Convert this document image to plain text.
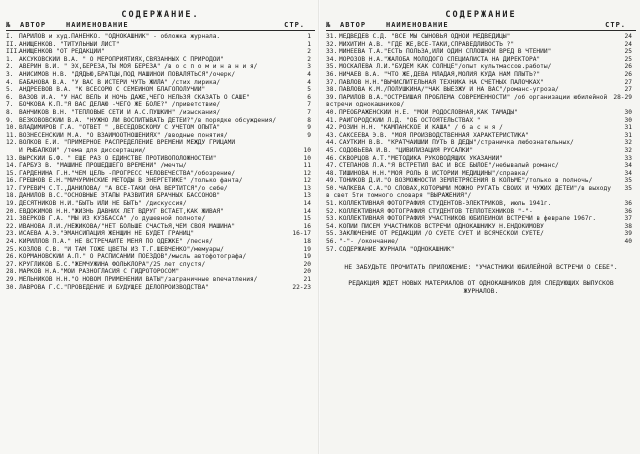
СОДЕРЖАНИЕ.
№ АВТОР	НАИМЕНОВАНИЕ	СТР.
I. ПАРИЛОВ и худ.ПАНЕНКО. "ОДНОКАШНИК" - обложка журнала.	1
II. АНИЩЕНКОВ. "ТИТУЛЬНЫЙ ЛИСТ"	1
III.АНИЩЕНКОВ "ОТ РЕДАКЦИИ"	2
1. АКСУКОВСКИЙ В.А. " О МЕРОПРИЯТИЯХ,СВЯЗАННЫХ С ПРИРОДОЙ"	2
2. АВЕРИН В.И. " ЭХ,БЕРЕЗА,ТЫ МОЯ БЕРЕЗА" /в о с п о м и н а н и я/	3
3. АНИСИМОВ Н.В. "ДЯДЬЮ,БРАТЦЫ,ПОД МАШИНОЙ ПОВАЛЯТЬСЯ"/очерк/	4
4. БАБАНОВА В.А. "У ВАС В ИСТЕРИ ЧУТЬ ЖИЛА" /стих лирика/	4
5. АНДРЕЕВОВ В.А. "К ВСЕСОРЮ С СЕМЕЙНОМ БЛАГОПОЛУЧИИ"	5
6. ВАЗОВ И.А. "У НАС ВЕЛЬ И НОЧЬ ДАЖЕ,ЧЕГО НЕЛЬЗЯ СКАЗАТЬ О САШЕ"	6
7. БОЧКОВА К.П."Я ВАС ДЕЛАЮ -ЧЕГО ЖЕ БОЛЕ?" /приветствие/	7
8. ВАНЧИКОВ В.Н. "ТЕПЛОВЫЕ СЕТИ И А.С.ПУШКИН" /изыскания/	7
9. ВЕЗКОВОВСКИЙ В.А. "НУЖНО ЛИ ВОСПИТЫВАТЬ ДЕТЕЙ?"/в порядке обсуждения/	8
10. ВЛАДИМИРОВ Г.А. "ОТВЕТ " ,ВЕСЕДОВСКОМУ С УЧЕТОМ ОПЫТА"	9
11. ВОЗНЕСЕНСКИЙ М.А. "О ВЗАИМООТНОШЕНИЯХ" /вводные понятия/	9
12. ВОЛКОВ Е.И. "ПРИМЕРНОЕ РАСПРЕДЕЛЕНИЕ ВРЕМЕНИ МЕЖДУ ГРИЦАМИ
И РЫБАЛКОЙ" /тема для диссертации/	10
13. ВЫРСКИЙ Б.Ф. " ЕЩЕ РАЗ О ЕДИНСТВЕ ПРОТИВОПОЛОЖНОСТЕЙ"	10
14. ГАРБУЗ В. "МАШИНЕ ПРОШЕДШЕГО ВРЕМЕНИ" /мечты/	11
15. ГАРДЕНИНА Г.Н."ЧЕМ ЦЕЛЬ -ПРОГРЕСС ЧЕЛОВЕЧЕСТВА"/обозрение/	12
16. ГРЕШНОВ Е.Н."МИЧУРИНСКИЕ МЕТОДЫ В ЭНЕРГЕТИКЕ" /только фанта/	12
17. ГУРЕВИЧ С.Т.,ДАНИЛОВА/ "А ВСЕ-ТАКИ ОНА ВЕРТИТСЯ"/о себе/	13
18. ДАНИЛОВ В.С."ОСНОВНЫЕ ЭТАПЫ РАЗВИТИЯ БРАЧНЫХ БАССОНОВ"	13
19. ДЕСЯТНИКОВ Н.И."БЫТЬ ИЛИ НЕ БЫТЬ" /дискуссия/	14
20. ЕВДОКИМОВ Н.Н."ЖИЗНЬ ДАВНИХ ЛЕТ ВДРУГ ВСТАЕТ,КАК ЖИВАЯ"	14
21. ЗВЕРКОВ Г.А. "МЫ ИЗ КУЗБАССА" /о душевной полноте/	15
22. ИВАНОВА Л.И./НЕЖИКОВА/"НЕТ БОЛЬШЕ СЧАСТЬЯ,ЧЕМ СВОЯ МАШИНА"	16
23. ИСАЕВА А.Э."ЭМАНСИПАЦИЯ ЖЕНЩИН НЕ БУДЕТ ГРАНИЦ"	16-17
24. КИРИЛЛОВ П.А." НЕ ВСТРЕЧАЙТЕ МЕНЯ ПО ОДЕЖКЕ" /песня/	18
25. КОЗЛОВ С.В. "И ТАМ ТОЖЕ ЦВЕТЫ ИЗ Т.Г.ШЕВЧЕНКО"/мемуары/	19
26. КОРМАНОВСКИЙ А.П." О РАСПИСАНИИ ПОЕЗДОВ"/мысль автофотографа/	19
27. КРУГЛИКОВ Б.С."ЖЕМЧУЖИНА ФОЛЬКЛОРА"/25 лет спустя/	20
28. МАРКОВ Н.А."МОИ РАЗНОГЛАСИЯ С ГИДРОТОРОСОМ"	20
29. МЕЛЬНИКОВ Н.Н."О НОВОМ ПРИМЕНЕНИИ ВАТЫ"/заграничные впечатления/	21
30. ЛАВРОВА Г.С."ПРОВЕДЕНИЕ И БУДУЩЕЕ ДЕЛОПРОИЗВОДСТВА"	22-23
СОДЕРЖАНИЕ
№ АВТОР	НАИМЕНОВАНИЕ	СТР.
31. МЕДВЕДЕВ С.Д. "ВСЕ МЫ СЫНОВЬЯ ОДНОЙ МЕДВЕДИЦЫ"	24
32. МИХИТИН А.В. "ГДЕ ЖЕ,ВСЕ-ТАКИ,СПРАВЕДЛИВОСТЬ ?"	24
33. МИНЕЕВА Т.А."ЕСТЬ ПОЛЬЗА,ИЛИ ОДИН СПЛОШНОЙ ВРЕД В ЧТЕНИИ"	25
34. МОРОЗОВ Н.А."ЖАЛОБА МОЛОДОГО СПЕЦИАЛИСТА НА ДИРЕКТОРА"	25
35. МОСКАЛЕВА Л.И."БУДЕМ КАК СОЛНЦЕ"/опыт культмассов.работы/	26
36. НИЧАЕВ В.А. "ЧТО ЖЕ,ДЕВА МЛАДАЯ,МОЛИЯ КУДА НАМ ПЛЫТЬ?"	26
37. ПАВЛОВ Н.Н."ВЫЧИСЛИТЕЛЬНАЯ ТЕХНИКА НА СЧЕТНЫХ ПАЛОЧКАХ"	27
38. ПАВЛОВА К.М./ПОЛУШКИНА/"ЧАК ВЫЕЗЖУ И НА ВАС"/романс-угроза/	27
39. ПАРИЛОВ В.А."ОСТРЕЙШАЯ ПРОБЛЕМА СОВРЕМЕННОСТИ" /об организации юбилейной встречи однокашников/
28-29
40. ПРЕОБРАЖЕНСКИЙ Н.Е. "МОЙ РОДОСЛОВНАЯ,КАК ТАМАДЫ"	30
41. РАЙГОРОДСКИЙ Л.Д. "ОБ ОСТОЯТЕЛЬСТВАХ "	30
42. РОЗИН Н.Н. "КАМПАНСКОЕ И КАША" / б а с н я /	31
43. САКСЕЕВА Э.В. "МОЯ ПРОИЗВОДСТВЕННАЯ ХАРАКТЕРИСТИКА"	31
44. САУТКИН В.В. "КРАТЧАЙШИЙ ПУТЬ В ДЕДЫ"/страничка любознательных/	32
45. СОДОВЬЕВА И.В. "ЦИВИЛИЗАЦИЯ РУСАЛКИ"	32
46. СКВОРЦОВ А.Т."МЕТОДИКА РУКОВОДЯЩИХ УКАЗАНИЙ"	33
47. СТЕПАНОВ Л.А."Я ВСТРЕТИЛ ВАС И ВСЕ БЫЛОЕ"/небывалый романс/	34
48. ТИШИНОВА Н.Н."МОЯ РОЛЬ В ИСТОРИИ МЕДИЦИНЫ"/справка/	34
49. ТОНИКОВ Д.И."О ВОЗМОЖНОСТИ ЗЕМЛЕТРЯСЕНИЯ В КОЛЬМЕ"/только в полночь/	35
50. ЧАЛКЕВА С.А."О СЛОВАХ,КОТОРЫМИ МОЖНО РУГАТЬ СВОИХ И ЧУЖИХ ДЕТЕЙ"/в выходу в свет 5ти томного словаря "ВЫРАЖЕНИЯ"/
35
51. КОЛЛЕКТИВНАЯ ФОТОГРАФИЯ СТУДЕНТОВ-ЭЛЕКТРИКОВ, июль 1941г.	36
52. КОЛЛЕКТИВНАЯ ФОТОГРАФИЯ СТУДЕНТОВ ТЕПЛОТЕХНИКОВ "-"-	36
53. КОЛЛЕКТИВНАЯ ФОТОГРАФИЯ УЧАСТНИКОВ ЮБИЛЕЙНОЙ ВСТРЕЧИ в феврале 1967г.	37
54. КОПИИ ПИСЕМ УЧАСТНИКОВ ВСТРЕЧИ ОДНОКАШНИКУ Н.ЕНДОКИМОВУ	38
55. ЗАКЛЮЧЕНИЕ ОТ РЕДАКЦИИ /О СУЕТЕ СУЕТ И ВСЯЧЕСКОЙ СУЕТЕ/	39
56. "-"- /окончание/	40
57. СОДЕРЖАНИЕ ЖУРНАЛА "ОДНОКАШНИК"
НЕ ЗАБУДЬТЕ ПРОЧИТАТЬ ПРИЛОЖЕНИЕ: "УЧАСТНИКИ ЮБИЛЕЙНОЙ ВСТРЕЧИ О СЕБЕ".
РЕДАКЦИЯ ЖДЕТ НОВЫХ МАТЕРИАЛОВ ОТ ОДНОКАШНИКОВ ДЛЯ СЛЕДУЮЩИХ ВЫПУСКОВ ЖУРНАЛОВ.
